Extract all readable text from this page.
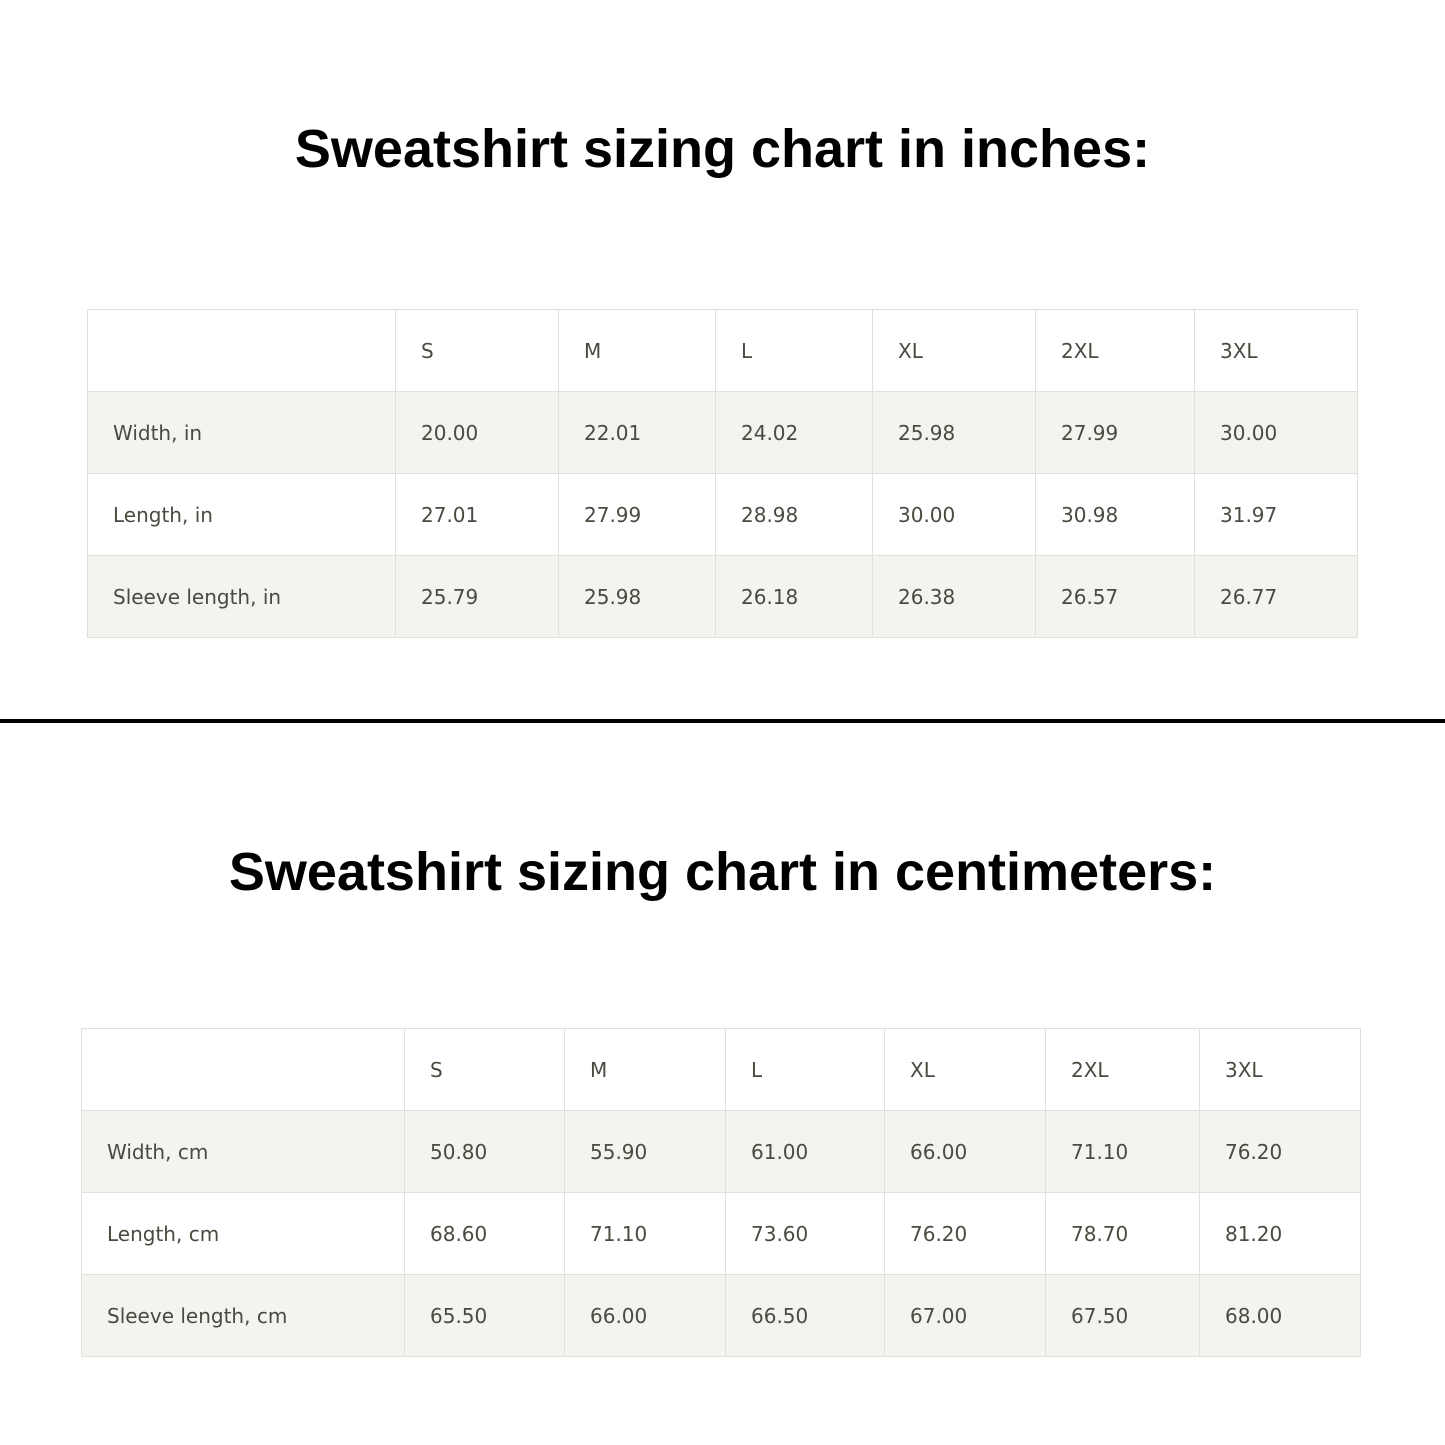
Sweatshirt sizing chart in inches:
	S	M	L	XL	2XL	3XL
Width, in	20.00	22.01	24.02	25.98	27.99	30.00
Length, in	27.01	27.99	28.98	30.00	30.98	31.97
Sleeve length, in	25.79	25.98	26.18	26.38	26.57	26.77
Sweatshirt sizing chart in centimeters:
	S	M	L	XL	2XL	3XL
Width, cm	50.80	55.90	61.00	66.00	71.10	76.20
Length, cm	68.60	71.10	73.60	76.20	78.70	81.20
Sleeve length, cm	65.50	66.00	66.50	67.00	67.50	68.00
